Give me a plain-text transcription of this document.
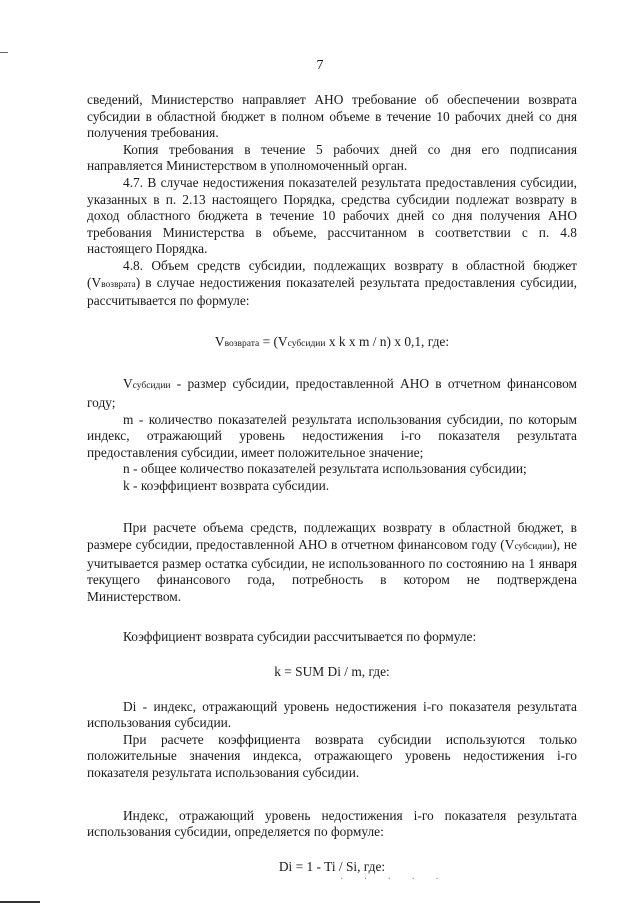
7

сведений, Министерство направляет АНО требование об обеспечении возврата субсидии в областной бюджет в полном объеме в течение 10 рабочих дней со дня получения требования.

Копия требования в течение 5 рабочих дней со дня его подписания направляется Министерством в уполномоченный орган.

4.7. В случае недостижения показателей результата предоставления субсидии, указанных в п. 2.13 настоящего Порядка, средства субсидии подлежат возврату в доход областного бюджета в течение 10 рабочих дней со дня получения АНО требования Министерства в объеме, рассчитанном в соответствии с п. 4.8 настоящего Порядка.

4.8. Объем средств субсидии, подлежащих возврату в областной бюджет (Vвозврата) в случае недостижения показателей результата предоставления субсидии, рассчитывается по формуле:

Vвозврата = (Vсубсидии x k x m / n) x 0,1, где:

Vсубсидии - размер субсидии, предоставленной АНО в отчетном финансовом году;

m - количество показателей результата использования субсидии, по которым индекс, отражающий уровень недостижения i-го показателя результата предоставления субсидии, имеет положительное значение;

n - общее количество показателей результата использования субсидии;

k - коэффициент возврата субсидии.

При расчете объема средств, подлежащих возврату в областной бюджет, в размере субсидии, предоставленной АНО в отчетном финансовом году (Vсубсидии), не учитывается размер остатка субсидии, не использованного по состоянию на 1 января текущего финансового года, потребность в котором не подтверждена Министерством.

Коэффициент возврата субсидии рассчитывается по формуле:

k = SUM Di / m, где:

Di - индекс, отражающий уровень недостижения i-го показателя результата использования субсидии.

При расчете коэффициента возврата субсидии используются только положительные значения индекса, отражающего уровень недостижения i-го показателя результата использования субсидии.

Индекс, отражающий уровень недостижения i-го показателя результата использования субсидии, определяется по формуле:

Di = 1 - Ti / Si, где:

· · · · ·
